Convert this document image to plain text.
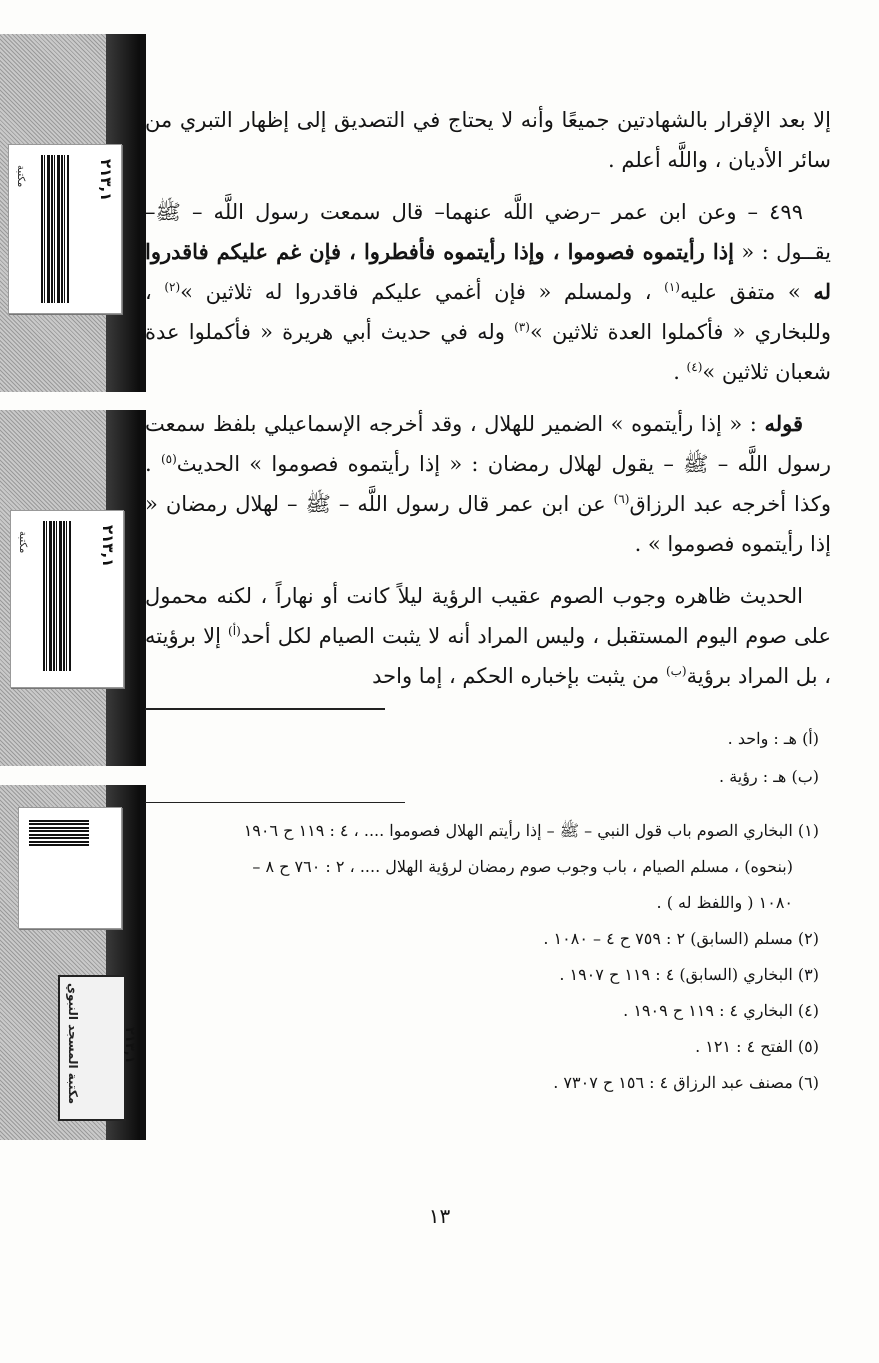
مكتبة	٢١٣,١
مكتبة	٢١٣,١
مكتبة المسجد النبوي	٢١٣,١

إلا بعد الإقرار بالشهادتين جميعًا وأنه لا يحتاج في التصديق إلى إظهار التبري من سائر الأديان ، واللَّه أعلم .

٤٩٩ – وعن ابن عمر –رضي اللَّه عنهما– قال سمعت رسول اللَّه – ﷺ– يقــول : « إذا رأيتموه فصوموا ، وإذا رأيتموه فأفطروا ، فإن غم عليكم فاقدروا له » متفق عليه$^{(١)}$ ، ولمسلم « فإن أغمي عليكم فاقدروا له ثلاثين »$^{(٢)}$ ، وللبخاري « فأكملوا العدة ثلاثين »$^{(٣)}$ وله في حديث أبي هريرة « فأكملوا عدة شعبان ثلاثين »$^{(٤)}$ .

قوله : « إذا رأيتموه » الضمير للهلال ، وقد أخرجه الإسماعيلي بلفظ سمعت رسول اللَّه – ﷺ – يقول لهلال رمضان : « إذا رأيتموه فصوموا » الحديث$^{(٥)}$ . وكذا أخرجه عبد الرزاق$^{(٦)}$ عن ابن عمر قال رسول اللَّه – ﷺ – لهلال رمضان « إذا رأيتموه فصوموا » .

الحديث ظاهره وجوب الصوم عقيب الرؤية ليلاً كانت أو نهاراً ، لكنه محمول على صوم اليوم المستقبل ، وليس المراد أنه لا يثبت الصيام لكل أحد$^{(أ)}$ إلا برؤيته ، بل المراد برؤية$^{(ب)}$ من يثبت بإخباره الحكم ، إما واحد

(أ) هـ : واحد .
(ب) هـ : رؤية .
(١) البخاري الصوم باب قول النبي – ﷺ – إذا رأيتم الهلال فصوموا .... ، ٤ : ١١٩ ح ١٩٠٦
(بنحوه) ، مسلم الصيام ، باب وجوب صوم رمضان لرؤية الهلال .... ، ٢ : ٧٦٠ ح ٨ –
١٠٨٠ ( واللفظ له ) .
(٢) مسلم (السابق) ٢ : ٧٥٩ ح ٤ – ١٠٨٠ .
(٣) البخاري (السابق) ٤ : ١١٩ ح ١٩٠٧ .
(٤) البخاري ٤ : ١١٩ ح ١٩٠٩ .
(٥) الفتح ٤ : ١٢١ .
(٦) مصنف عبد الرزاق ٤ : ١٥٦ ح ٧٣٠٧ .
١٣
